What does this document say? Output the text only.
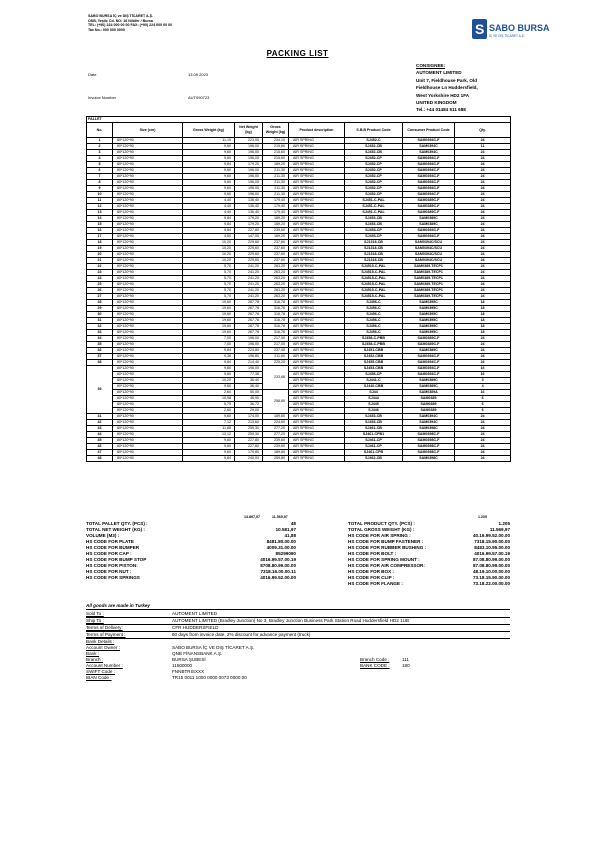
SABO BURSA İÇ ve DIŞ TİCARET A.Ş.
OSB, Yeşilc Cd. NO: 16 Nilüfer / Bursa
TEL: (+90) 224 000 00 00 FAX: (+90) 224 000 00 00
Tax No.: 000 000 0000	S SABO BURSA
İÇ VE DIŞ TİCARET A.Ş.
PACKING LIST
Date	13.09.2023
Invoice Number	AUT090723
CONSIGNEE:
AUTOMENT LIMITED
Unit 7, Fieldhouse Park, Old
Fieldhouse Ln Huddersfield,
West Yorkshire HD2 1FA
UNITED KINGDOM
Tel.: +44 01484 511 688
PALLET								
No.	Size (cm)	Gross Weight (kg)	Net Weight (kg)	Gross Weight (kg)	Product description	S.B.B Product Code	Consumer Product Code	Qty.
1	80*120*90	11,10	223,00	234,10	AIR SPRING	SJ452-C	SAM0394C-F	24
2	80*120*90	9,60	196,00	215,60	AIR SPRING	SJ452-CB	SAM0394C	11
3	80*120*90	9,60	196,00	215,60	AIR SPRING	SJ452-CB	SAM0394C	24
4	80*120*90	9,60	196,00	215,60	AIR SPRING	SJ452-CP	SAM0394C-F	24
5	80*120*90	9,84	179,20	189,20	AIR SPRING	SJ452-CP	SAM0394C-F	24
6	80*120*90	9,60	196,00	211,30	AIR SPRING	SJ452-CP	SAM0394C-F	24
7	80*120*90	9,60	196,00	211,30	AIR SPRING	SJ452-CP	SAM0394C-F	24
8	80*120*90	9,60	196,00	211,30	AIR SPRING	SJ452-CP	SAM0394C-F	24
9	80*120*90	9,60	196,00	211,30	AIR SPRING	SJ452-CP	SAM0394C-F	24
10	80*120*90	9,60	196,00	211,30	AIR SPRING	SJ452-CP	SAM0394C-F	24
11	80*120*90	4,40	136,40	179,40	AIR SPRING	SJ451-C-PAL	SAM0389C-F	24
12	80*120*90	4,40	136,40	179,40	AIR SPRING	SJ451-C-PAL	SAM0389C-F	24
13	80*120*90	4,40	136,40	179,40	AIR SPRING	SJ451-C-PAL	SAM0389C-F	24
14	80*120*90	9,84	179,20	189,20	AIR SPRING	SJ453-CB	SAM0389C	24
15	80*120*90	9,84	179,20	189,20	AIR SPRING	SJ453-CB	SAM0389C	24
16	80*120*90	9,84	227,80	239,60	AIR SPRING	SJ453-CP	SAM0394C-F	24
17	80*120*90	4,60	147,00	169,20	AIR SPRING	SJ453-CP	SAM0394C-F	24
18	80*120*90	10,20	229,60	237,60	AIR SPRING	SJ1318-CB	SAM0394C/SCU	24
19	80*120*90	10,20	229,60	237,60	AIR SPRING	SJ1318-CB	SAM0394C/SCU	24
20	80*120*90	10,20	229,60	237,60	AIR SPRING	SJ1318-CB	SAM0394C/SCU	24
21	80*120*90	10,20	229,60	237,60	AIR SPRING	SJ1318-CB	SAM0394C/SCU	24
22	80*120*90	5,70	241,20	263,20	AIR SPRING	SJ4515-C-PAL	SAM0389-TECP1	24
23	80*120*90	5,70	241,20	263,20	AIR SPRING	SJ4515-C-PAL	SAM0389-TECP1	24
24	80*120*90	5,70	241,20	263,20	AIR SPRING	SJ4515-C-PAL	SAM0389-TECP1	24
25	80*120*90	5,70	241,20	263,20	AIR SPRING	SJ4515-C-PAL	SAM0389-TECP1	24
26	80*120*90	5,70	241,20	263,20	AIR SPRING	SJ4515-C-PAL	SAM0389-TECP1	24
27	80*120*90	5,70	241,20	263,20	AIR SPRING	SJ4515-C-PAL	SAM0389-TECP1	24
28	80*120*90	19,60	267,78	316,78	AIR SPRING	SJ456-C	SAM0395C	18
29	80*120*90	19,60	267,78	316,78	AIR SPRING	SJ456-C	SAM0395C	18
30	80*120*90	19,60	267,78	316,78	AIR SPRING	SJ456-C	SAM0395C	18
31	80*120*90	19,60	267,78	316,78	AIR SPRING	SJ456-C	SAM0395C	18
32	80*120*90	19,60	267,78	316,78	AIR SPRING	SJ456-C	SAM0395C	18
33	80*120*90	19,60	267,78	316,78	AIR SPRING	SJ456-C	SAM0395C	18
34	80*120*90	7,00	196,00	217,00	AIR SPRING	SJ458-C-PBB	SAM0389C-F	24
35	80*120*90	7,00	196,00	217,00	AIR SPRING	SJ458-C-PBB	SAM0389C-F	24
36	80*120*90	9,84	224,80	237,40	AIR SPRING	SJ451-CBB	SAM0389C	24
37	80*120*90	9,36	196,80	211,60	AIR SPRING	SJ452-CBB	SAM0394C-F	24
38	80*120*90	9,84	214,40	225,20	AIR SPRING	SJ455-CBB	SAM0394C-F	24
39	80*120*90	9,60	196,00	233,68	AIR SPRING	SJ453-CBB	SAM0394C-F	16
	80*120*90	9,60	77,38		AIR SPRING	SJ456-CP	SAM0394C-F	16
	80*120*90	10,20	36,40		AIR SPRING	SJ441-C	SAM0389C	3
	80*120*90	9,60	36,40		AIR SPRING	SJ440-CBB	SAM0389C	4
	80*120*90	2,60	50,00	258,80	AIR SPRING	SJ44	SAM0389A	16
	80*120*90	10,98	46,90		AIR SPRING	SJ444	SAM0389	6
	80*120*90	5,75	36,72		AIR SPRING	SJ445	SAM0389	6
	80*120*90	2,60	29,00		AIR SPRING	SJ446	SAM0389	6
41	80*120*90	9,60	174,00	189,60	AIR SPRING	SJ453-CB	SAM0394C	24
42	80*120*90	7,12	213,60	224,60	AIR SPRING	SJ453-CB	SAM0394C	24
43	80*120*90	11,68	259,30	277,20	AIR SPRING	SJ461-CB	SAM0398C	24
44	80*120*90	13,12	259,30	277,20	AIR SPRING	SJ461-CPB1	SAM0398C-F	24
45	80*120*90	9,60	227,80	239,60	AIR SPRING	SJ461-CP	SAM0398C-F	24
46	80*120*90	9,60	227,80	239,60	AIR SPRING	SJ461-CP	SAM0398C-F	24
47	80*120*90	9,60	179,80	189,80	AIR SPRING	SJ461-CPB	SAM0398C-F	24
48	80*120*90	9,84	240,00	259,80	AIR SPRING	SJ462-CB	SAM0398C	24
13.897,97	11.569,97	1.205
TOTAL PALLET QTY. (PCS) :	48
TOTAL NET WEIGHT (KG) :	10.581,97
VOLUME (M3) :	41,88
HS CODE FOR PLATE	8481.80.00.00
HS CODE FOR BUMPER	4009.31.00.00
HS CODE FOR CAP :	85299090
HS CODE FOR BUMP STOP	4016.99.57.00.19
HS CODE FOR PISTON:	8708.80.99.00.00
HS CODE FOR NUT :	7318.16.00.00.11
HS CODE FOR SPRINGS	4016.99.52.00.00
TOTAL PRODUCT QTY. (PCS) :	1.205
TOTAL GROSS WEIGHT (KG) :	11.569,97
HS CODE FOR AIR SPRING :	40.16.99.52.00.00
HS CODE FOR BUMP FASTENER :	7318.15.90.00.00
HS CODE FOR RUBBER BUSHING :	8483.10.95.00.00
HS CODE FOR BOLT :	4016.99.57.00.19
HS CODE FOR SPRING MOUNT :	87.08.80.99.00.00
HS CODE FOR AIR COMPRESSOR:	87.08.80.99.00.00
HS CODE FOR BOX :	48.19.10.00.00.00
HS CODE FOR CLIP :	73.18.15.90.00.00
HS CODE FOR FLANGE :	73.18.22.00.00.00
All goods are made in Turkey
Sold To :	AUTOMENT LIMITED
Ship To :	AUTOMENT LIMITED (Bradley Junction) No 3, Bradley Junction Business Park Station Road Huddersfield HD2 1UB
Terms of Delivery:	CFR HUDDERSFIELD
Terms of Payment :	60 days from invoice date, 2% discount for advance payment (truck)
Bank Details :
Account Owner :	SABO BURSA İÇ VE DIŞ TİCARET A.Ş.
Bank :	QNB FİNANSBANK A.Ş.
Branch :	BURSA ŞUBESİ	Branch Code :	111
Account Number :	11500000	BANK CODE :	180
SWIFT Code :	FNNBTRISXXX
IBAN Code :	TR15 0011 1000 0000 0073 0000 00
